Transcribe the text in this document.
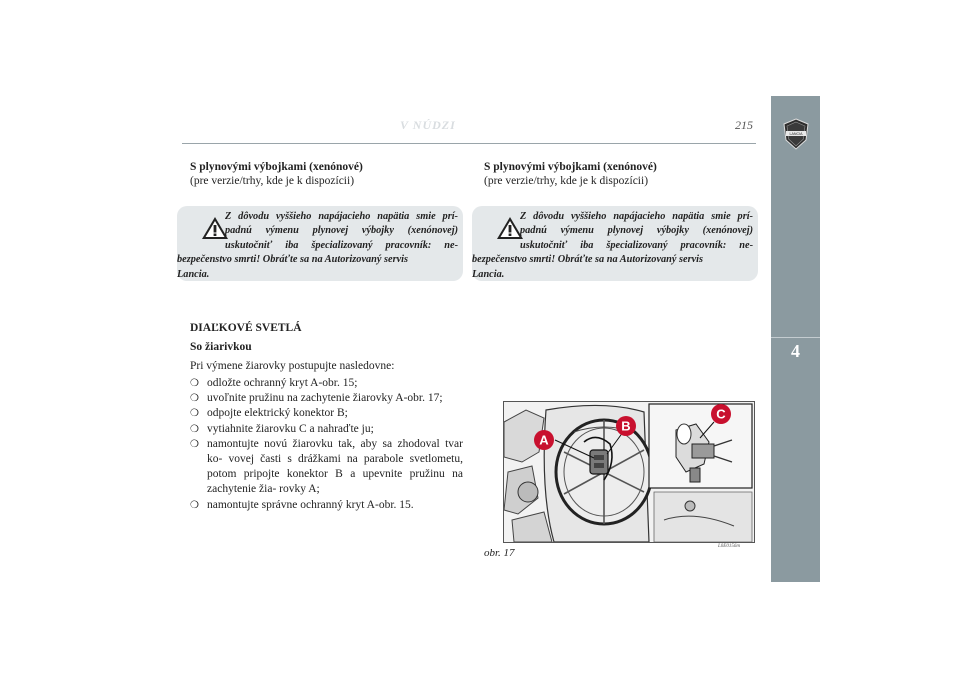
LANCIA
4
V NÚDZI	215
S plynovými výbojkami (xenónové)
(pre verzie/trhy, kde je k dispozícii)
Z dôvodu vyššieho napájacieho napätia smie prí-
padnú výmenu plynovej výbojky (xenónovej)
uskutočniť iba špecializovaný pracovník: ne-
bezpečenstvo smrti! Obráťte sa na Autorizovaný servis
Lancia.
S plynovými výbojkami (xenónové)
(pre verzie/trhy, kde je k dispozícii)
Z dôvodu vyššieho napájacieho napätia smie prí-
padnú výmenu plynovej výbojky (xenónovej)
uskutočniť iba špecializovaný pracovník: ne-
bezpečenstvo smrti! Obráťte sa na Autorizovaný servis
Lancia.
DIAĽKOVÉ SVETLÁ
So žiarivkou
Pri výmene žiarovky postupujte nasledovne:
❍ odložte ochranný kryt A-obr. 15;
❍ uvoľnite pružinu na zachytenie žiarovky A-obr. 17;
❍ odpojte elektrický konektor B;
❍ vytiahnite žiarovku C a nahraďte ju;
❍ namontujte novú žiarovku tak, aby sa zhodoval tvar ko- vovej časti s drážkami na parabole svetlometu, potom pripojte konektor B a upevnite pružinu na zachytenie žia- rovky A;
❍ namontujte správne ochranný kryt A-obr. 15.
A
B
C
obr. 17
L0E0156m
